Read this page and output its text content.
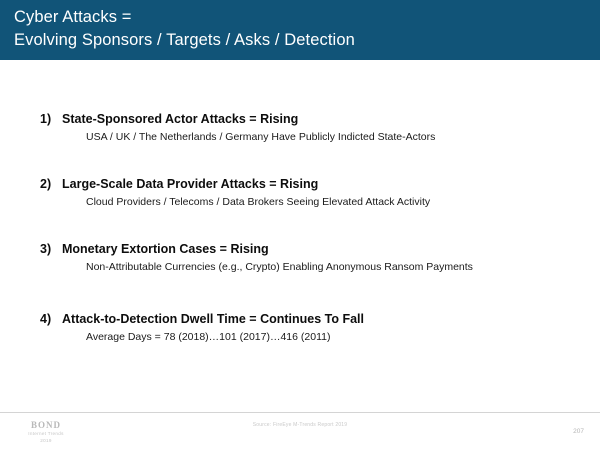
Cyber Attacks =
Evolving Sponsors / Targets / Asks / Detection
1) State-Sponsored Actor Attacks = Rising
USA / UK / The Netherlands / Germany Have Publicly Indicted State-Actors
2) Large-Scale Data Provider Attacks = Rising
Cloud Providers / Telecoms / Data Brokers Seeing Elevated Attack Activity
3) Monetary Extortion Cases = Rising
Non-Attributable Currencies (e.g., Crypto) Enabling Anonymous Ransom Payments
4) Attack-to-Detection Dwell Time = Continues To Fall
Average Days = 78 (2018)…101 (2017)…416 (2011)
BOND
Internet Trends
2019
Source: FireEye M-Trends Report 2019
207
